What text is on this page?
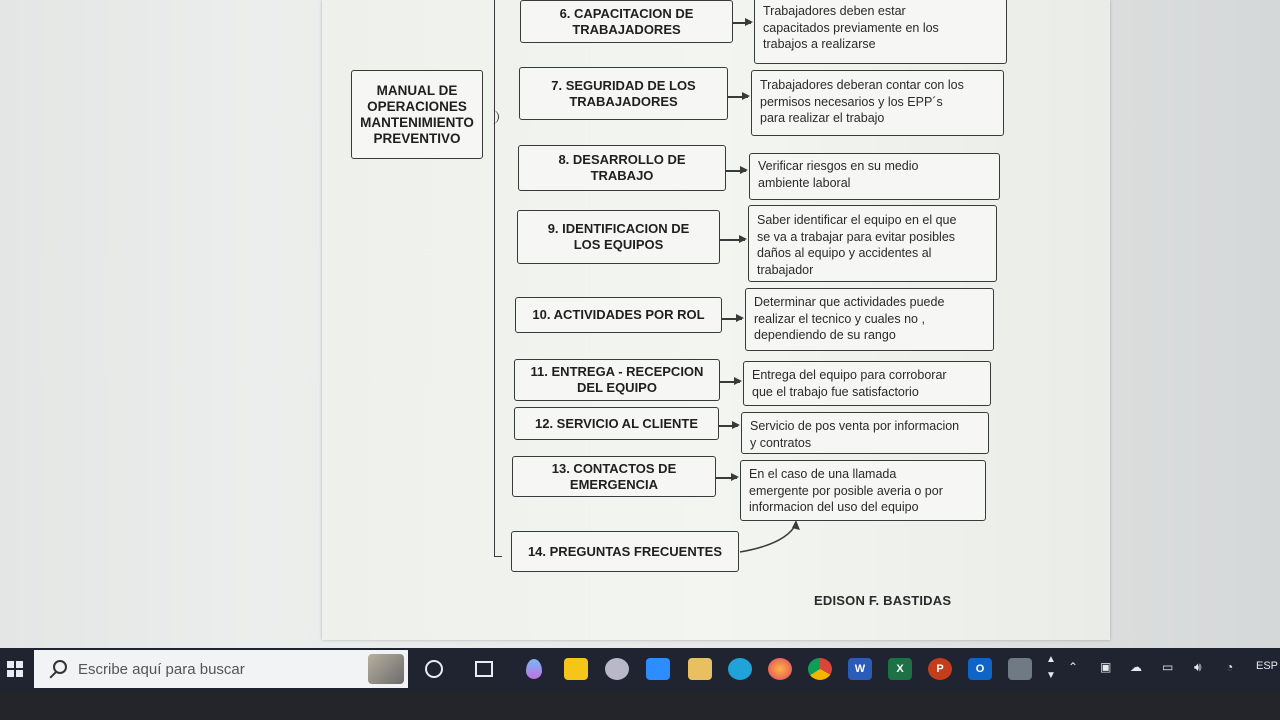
MANUAL DE
OPERACIONES
MANTENIMIENTO
PREVENTIVO
6. CAPACITACION DE
TRABAJADORES
Trabajadores deben estar
capacitados previamente en los
trabajos a realizarse
7. SEGURIDAD DE LOS
TRABAJADORES
Trabajadores deberan contar con los
permisos necesarios y los EPP´s
para realizar el trabajo
8. DESARROLLO DE
TRABAJO
Verificar riesgos en su medio
ambiente laboral
9. IDENTIFICACION DE
LOS EQUIPOS
Saber identificar el equipo en el que
se va a trabajar para evitar posibles
daños al equipo y accidentes al
trabajador
10. ACTIVIDADES POR ROL
Determinar que actividades puede
realizar el tecnico y cuales no ,
dependiendo de su rango
11. ENTREGA - RECEPCION
DEL EQUIPO
Entrega del equipo para corroborar
que el trabajo fue satisfactorio
12. SERVICIO AL CLIENTE	Servicio de pos venta por informacion
y contratos
13. CONTACTOS DE
EMERGENCIA
En el caso de una llamada
emergente por posible averia o por
informacion del uso del equipo
14. PREGUNTAS FRECUENTES
EDISON F. BASTIDAS
Escribe aquí para buscar	W	X	P	O
▲
▼
⌃ ▣ ☁ ▭ 🔊︎ ◔ ESP
